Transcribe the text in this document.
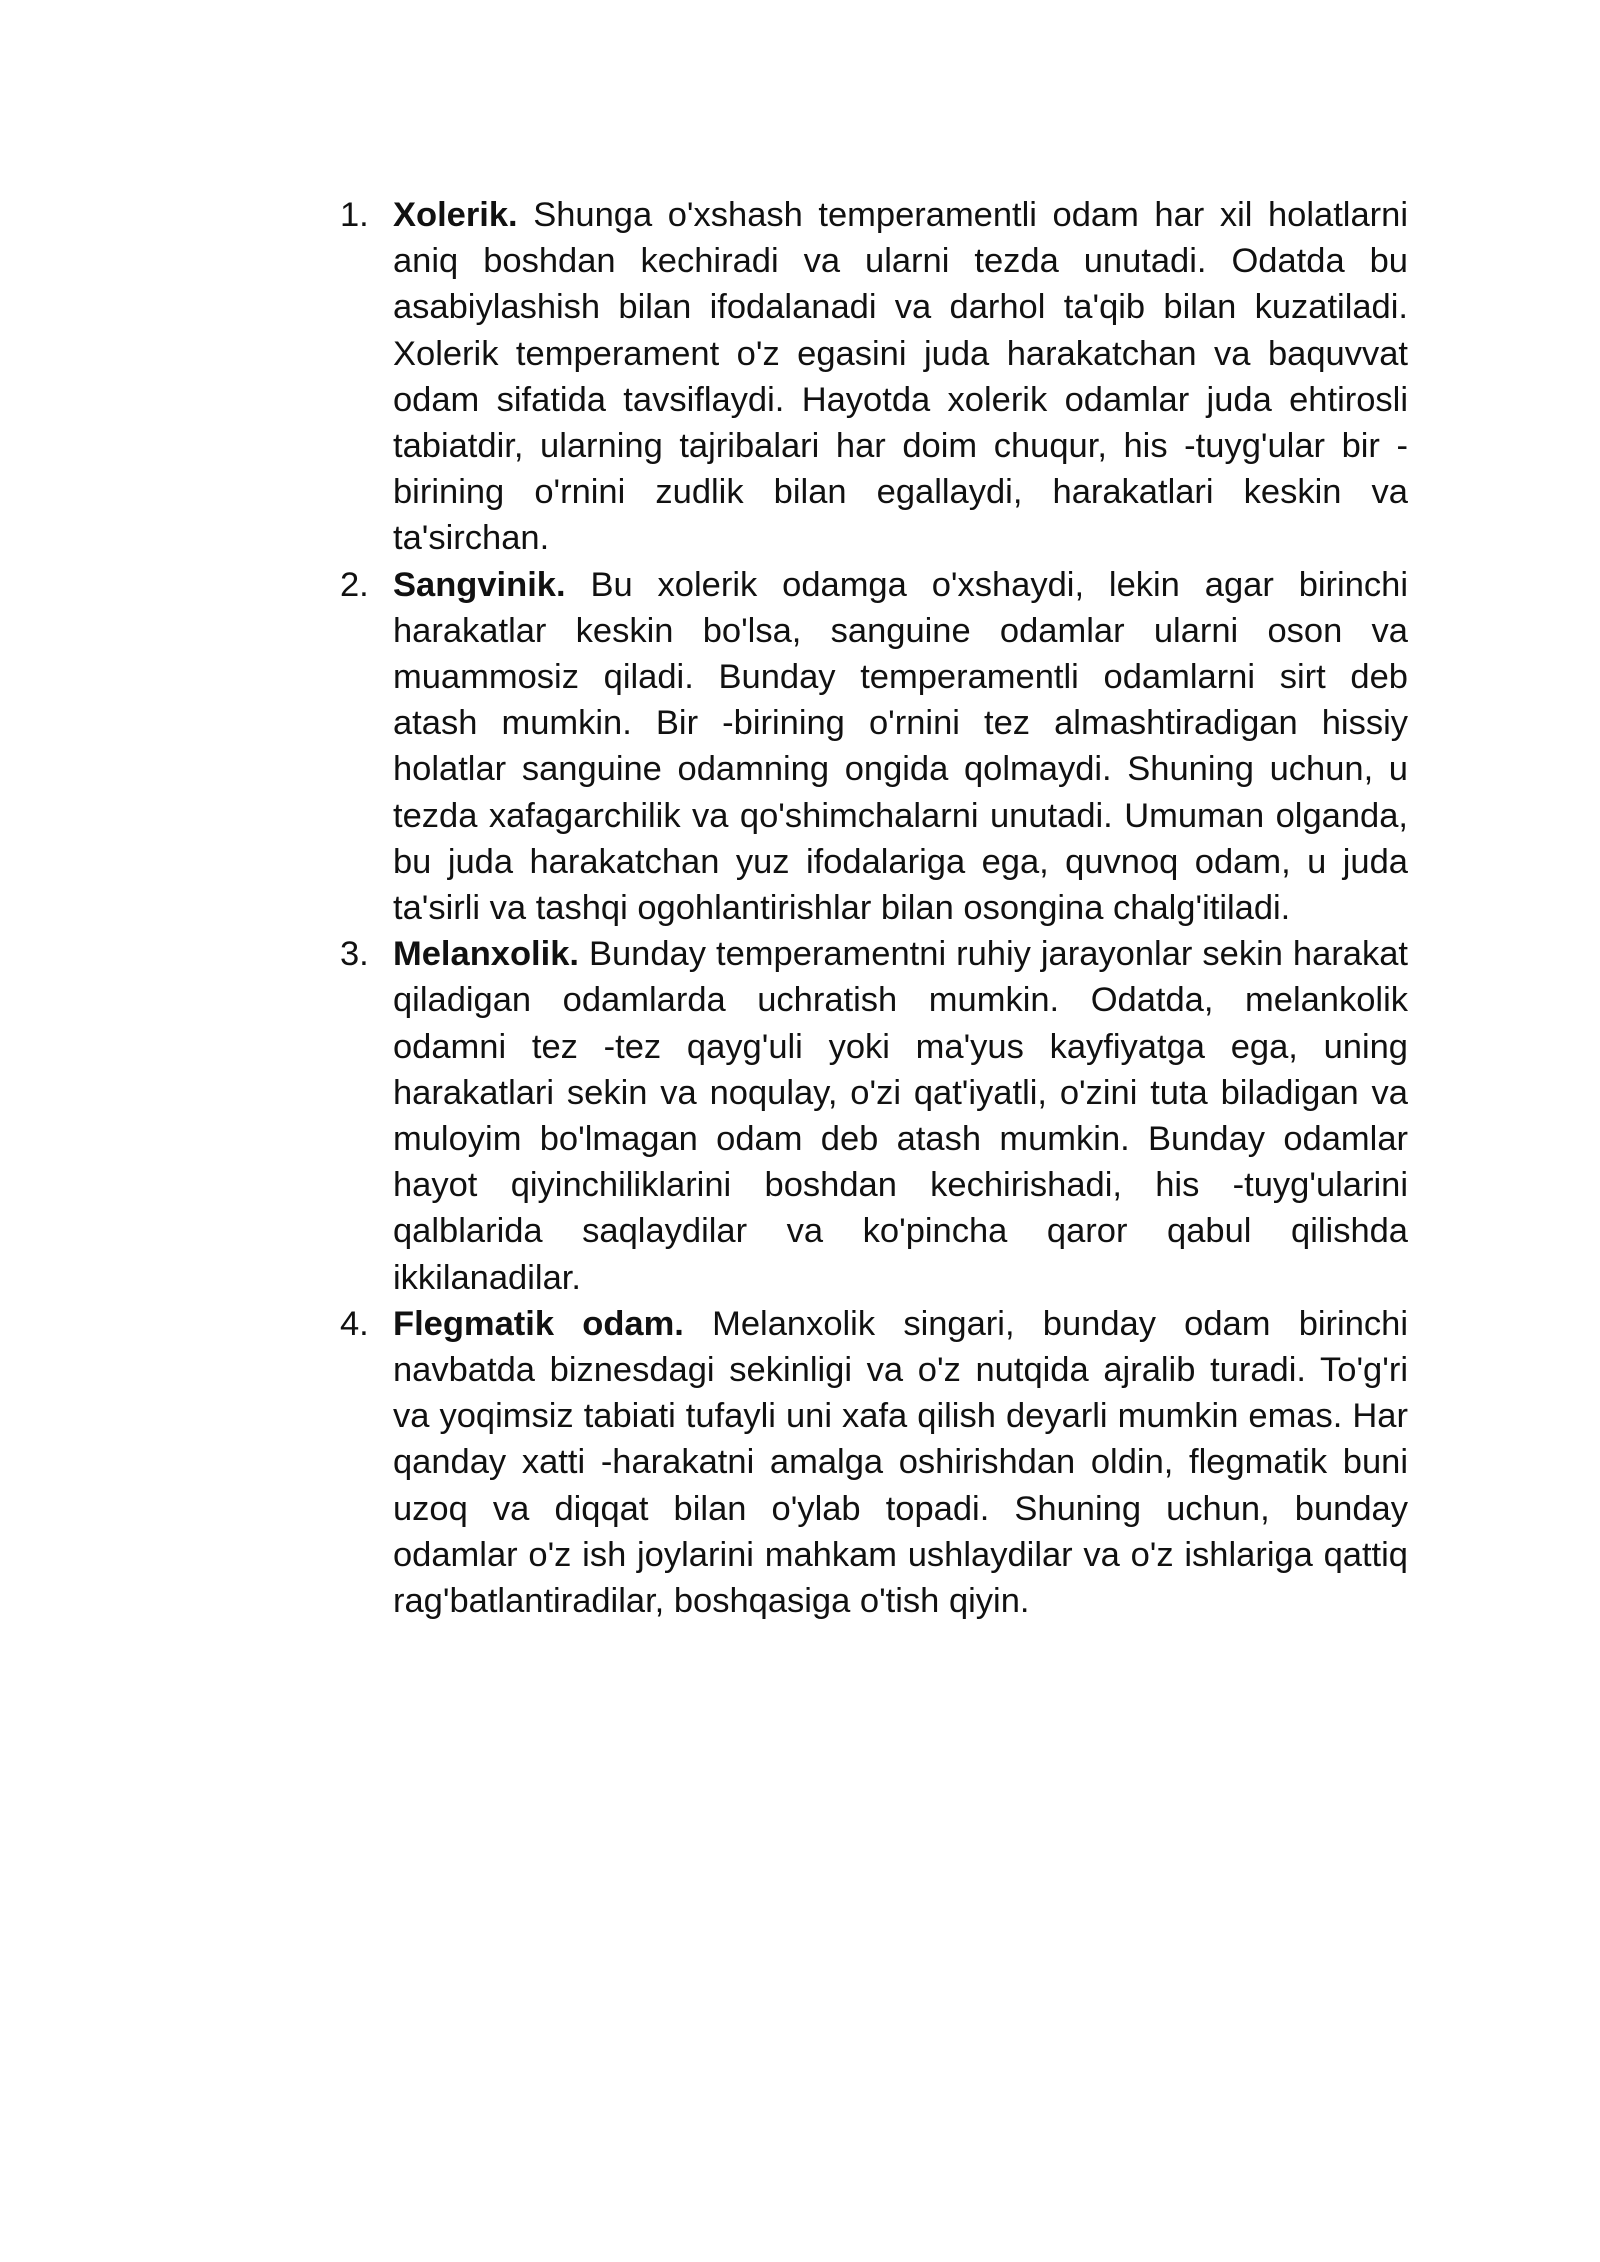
1. Xolerik. Shunga o'xshash temperamentli odam har xil holatlarni aniq boshdan kechiradi va ularni tezda unutadi. Odatda bu asabiylashish bilan ifodalanadi va darhol ta'qib bilan kuzatiladi. Xolerik temperament o'z egasini juda harakatchan va baquvvat odam sifatida tavsiflaydi. Hayotda xolerik odamlar juda ehtirosli tabiatdir, ularning tajribalari har doim chuqur, his -tuyg'ular bir -birining o'rnini zudlik bilan egallaydi, harakatlari keskin va ta'sirchan.
2. Sangvinik. Bu xolerik odamga o'xshaydi, lekin agar birinchi harakatlar keskin bo'lsa, sanguine odamlar ularni oson va muammosiz qiladi. Bunday temperamentli odamlarni sirt deb atash mumkin. Bir -birining o'rnini tez almashtiradigan hissiy holatlar sanguine odamning ongida qolmaydi. Shuning uchun, u tezda xafagarchilik va qo'shimchalarni unutadi. Umuman olganda, bu juda harakatchan yuz ifodalariga ega, quvnoq odam, u juda ta'sirli va tashqi ogohlantirishlar bilan osongina chalg'itiladi.
3. Melanxolik. Bunday temperamentni ruhiy jarayonlar sekin harakat qiladigan odamlarda uchratish mumkin. Odatda, melankolik odamni tez -tez qayg'uli yoki ma'yus kayfiyatga ega, uning harakatlari sekin va noqulay, o'zi qat'iyatli, o'zini tuta biladigan va muloyim bo'lmagan odam deb atash mumkin. Bunday odamlar hayot qiyinchiliklarini boshdan kechirishadi, his -tuyg'ularini qalblarida saqlaydilar va ko'pincha qaror qabul qilishda ikkilanadilar.
4. Flegmatik odam. Melanxolik singari, bunday odam birinchi navbatda biznesdagi sekinligi va o'z nutqida ajralib turadi. To'g'ri va yoqimsiz tabiati tufayli uni xafa qilish deyarli mumkin emas. Har qanday xatti -harakatni amalga oshirishdan oldin, flegmatik buni uzoq va diqqat bilan o'ylab topadi. Shuning uchun, bunday odamlar o'z ish joylarini mahkam ushlaydilar va o'z ishlariga qattiq rag'batlantiradilar, boshqasiga o'tish qiyin.
